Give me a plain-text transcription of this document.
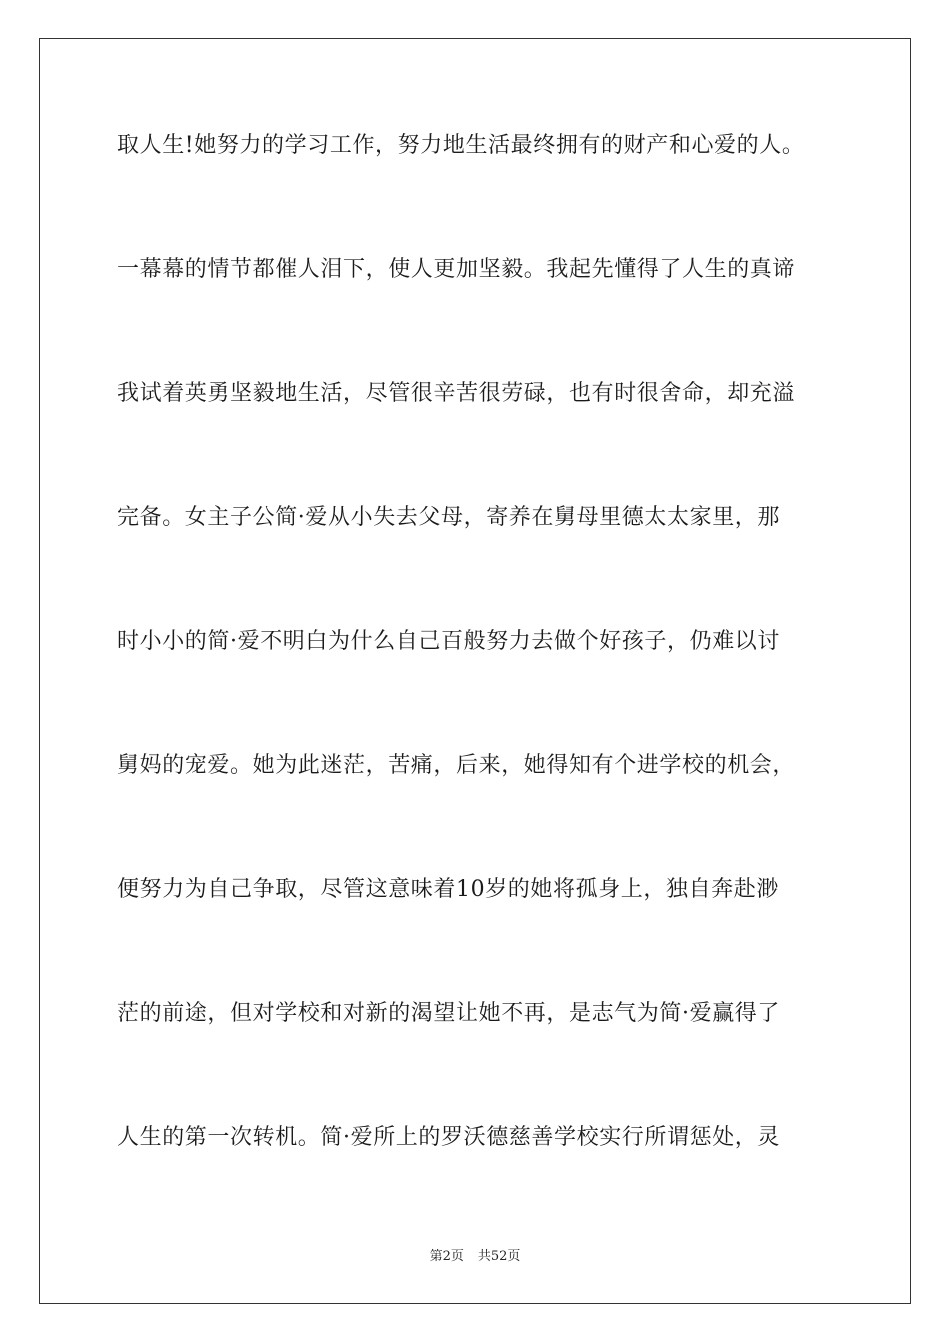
取人生!她努力的学习工作，努力地生活最终拥有的财产和心爱的人。

一幕幕的情节都催人泪下，使人更加坚毅。我起先懂得了人生的真谛

我试着英勇坚毅地生活，尽管很辛苦很劳碌，也有时很舍命，却充溢

完备。女主子公简·爱从小失去父母，寄养在舅母里德太太家里，那

时小小的简·爱不明白为什么自己百般努力去做个好孩子，仍难以讨

舅妈的宠爱。她为此迷茫，苦痛，后来，她得知有个进学校的机会，

便努力为自己争取，尽管这意味着10岁的她将孤身上，独自奔赴渺

茫的前途，但对学校和对新的渴望让她不再，是志气为简·爱赢得了

人生的第一次转机。简·爱所上的罗沃德慈善学校实行所谓惩处，灵

第2页 共52页
